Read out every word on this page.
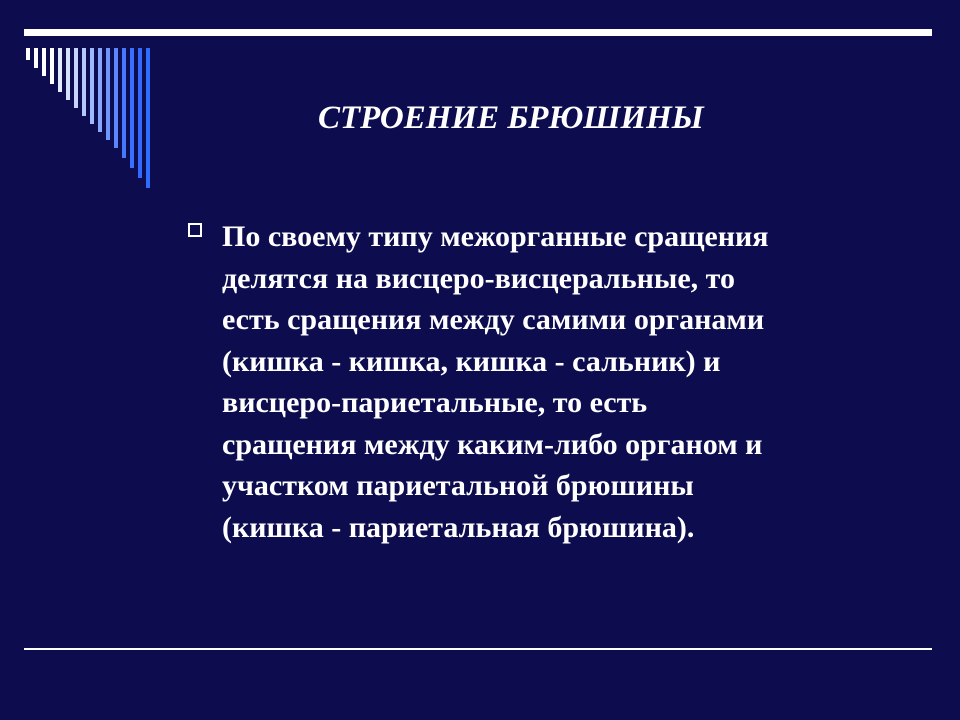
СТРОЕНИЕ БРЮШИНЫ

По своему типу межорганные сращения
делятся на висцеро-висцеральные, то
есть сращения между самими органами
(кишка - кишка, кишка - сальник) и
висцеро-париетальные, то есть
сращения между каким-либо органом и
участком париетальной брюшины
(кишка - париетальная брюшина).
